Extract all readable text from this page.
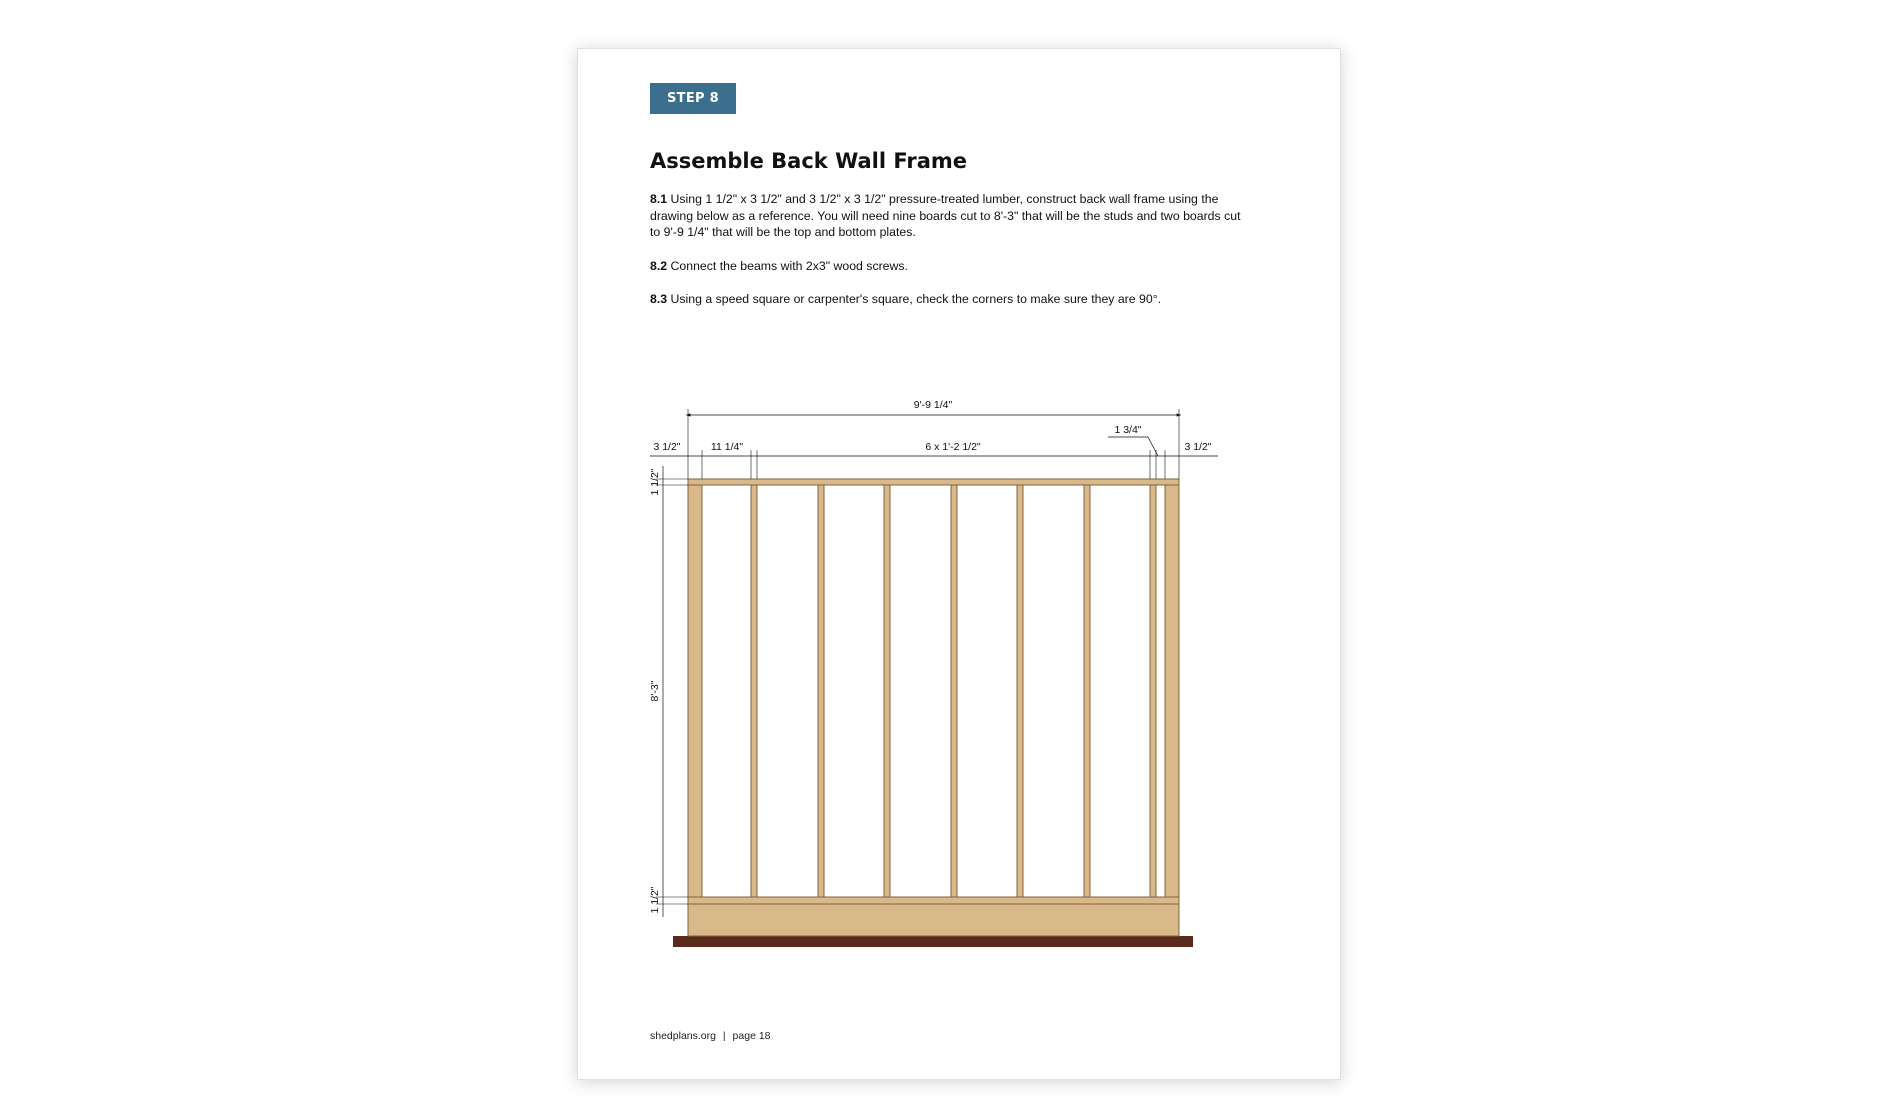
STEP 8
Assemble Back Wall Frame

8.1 Using 1 1/2" x 3 1/2" and 3 1/2" x 3 1/2" pressure-treated lumber, construct back wall frame using the drawing below as a reference. You will need nine boards cut to 8'-3" that will be the studs and two boards cut to 9'-9 1/4" that will be the top and bottom plates.

8.2 Connect the beams with 2x3" wood screws.

8.3 Using a speed square or carpenter's square, check the corners to make sure they are 90°.

9'-9 1/4"
3 1/2"	11 1/4"	6 x 1'-2 1/2"	3 1/2"
1 3/4"
1 1/2"
8'-3"
1 1/2"
shedplans.org | page 18
